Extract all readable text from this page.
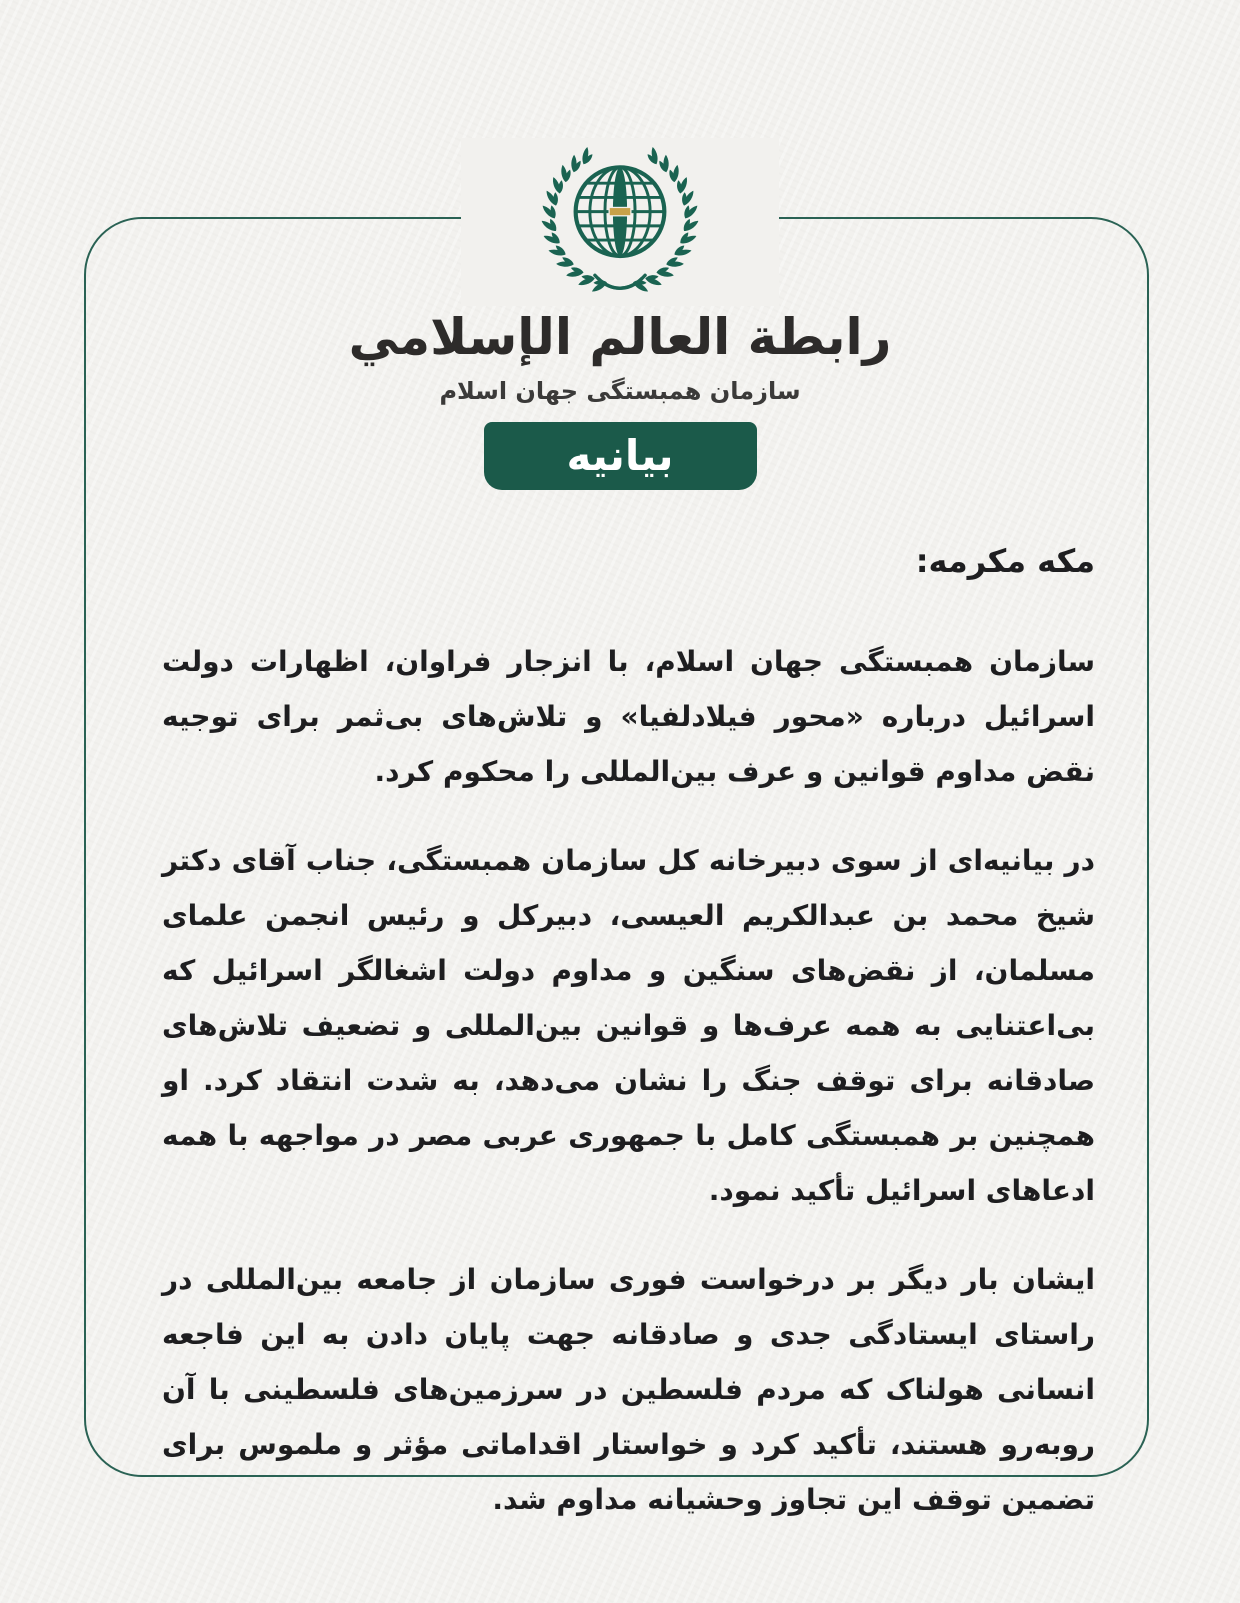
رابطة العالم الإسلامي
سازمان همبستگی جهان اسلام
بیانیه
مکه مکرمه:

سازمان همبستگی جهان اسلام، با انزجار فراوان، اظهارات دولت اسرائیل درباره «محور فیلادلفیا» و تلاش‌های بی‌ثمر برای توجیه نقض مداوم قوانین و عرف بین‌المللی را محکوم کرد.

در بیانیه‌ای از سوی دبیرخانه کل سازمان همبستگی، جناب آقای دکتر شیخ محمد بن عبدالکریم العیسی، دبیرکل و رئیس انجمن علمای مسلمان، از نقض‌های سنگین و مداوم دولت اشغالگر اسرائیل که بی‌اعتنایی به همه عرف‌ها و قوانین بین‌المللی و تضعیف تلاش‌های صادقانه برای توقف جنگ را نشان می‌دهد، به شدت انتقاد کرد. او همچنین بر همبستگی کامل با جمهوری عربی مصر در مواجهه با همه ادعاهای اسرائیل تأکید نمود.

ایشان بار دیگر بر درخواست فوری سازمان از جامعه بین‌المللی در راستای ایستادگی جدی و صادقانه جهت پایان دادن به این فاجعه انسانی هولناک که مردم فلسطین در سرزمین‌های فلسطینی با آن روبه‌رو هستند، تأکید کرد و خواستار اقداماتی مؤثر و ملموس برای تضمین توقف این تجاوز وحشیانه مداوم شد.
